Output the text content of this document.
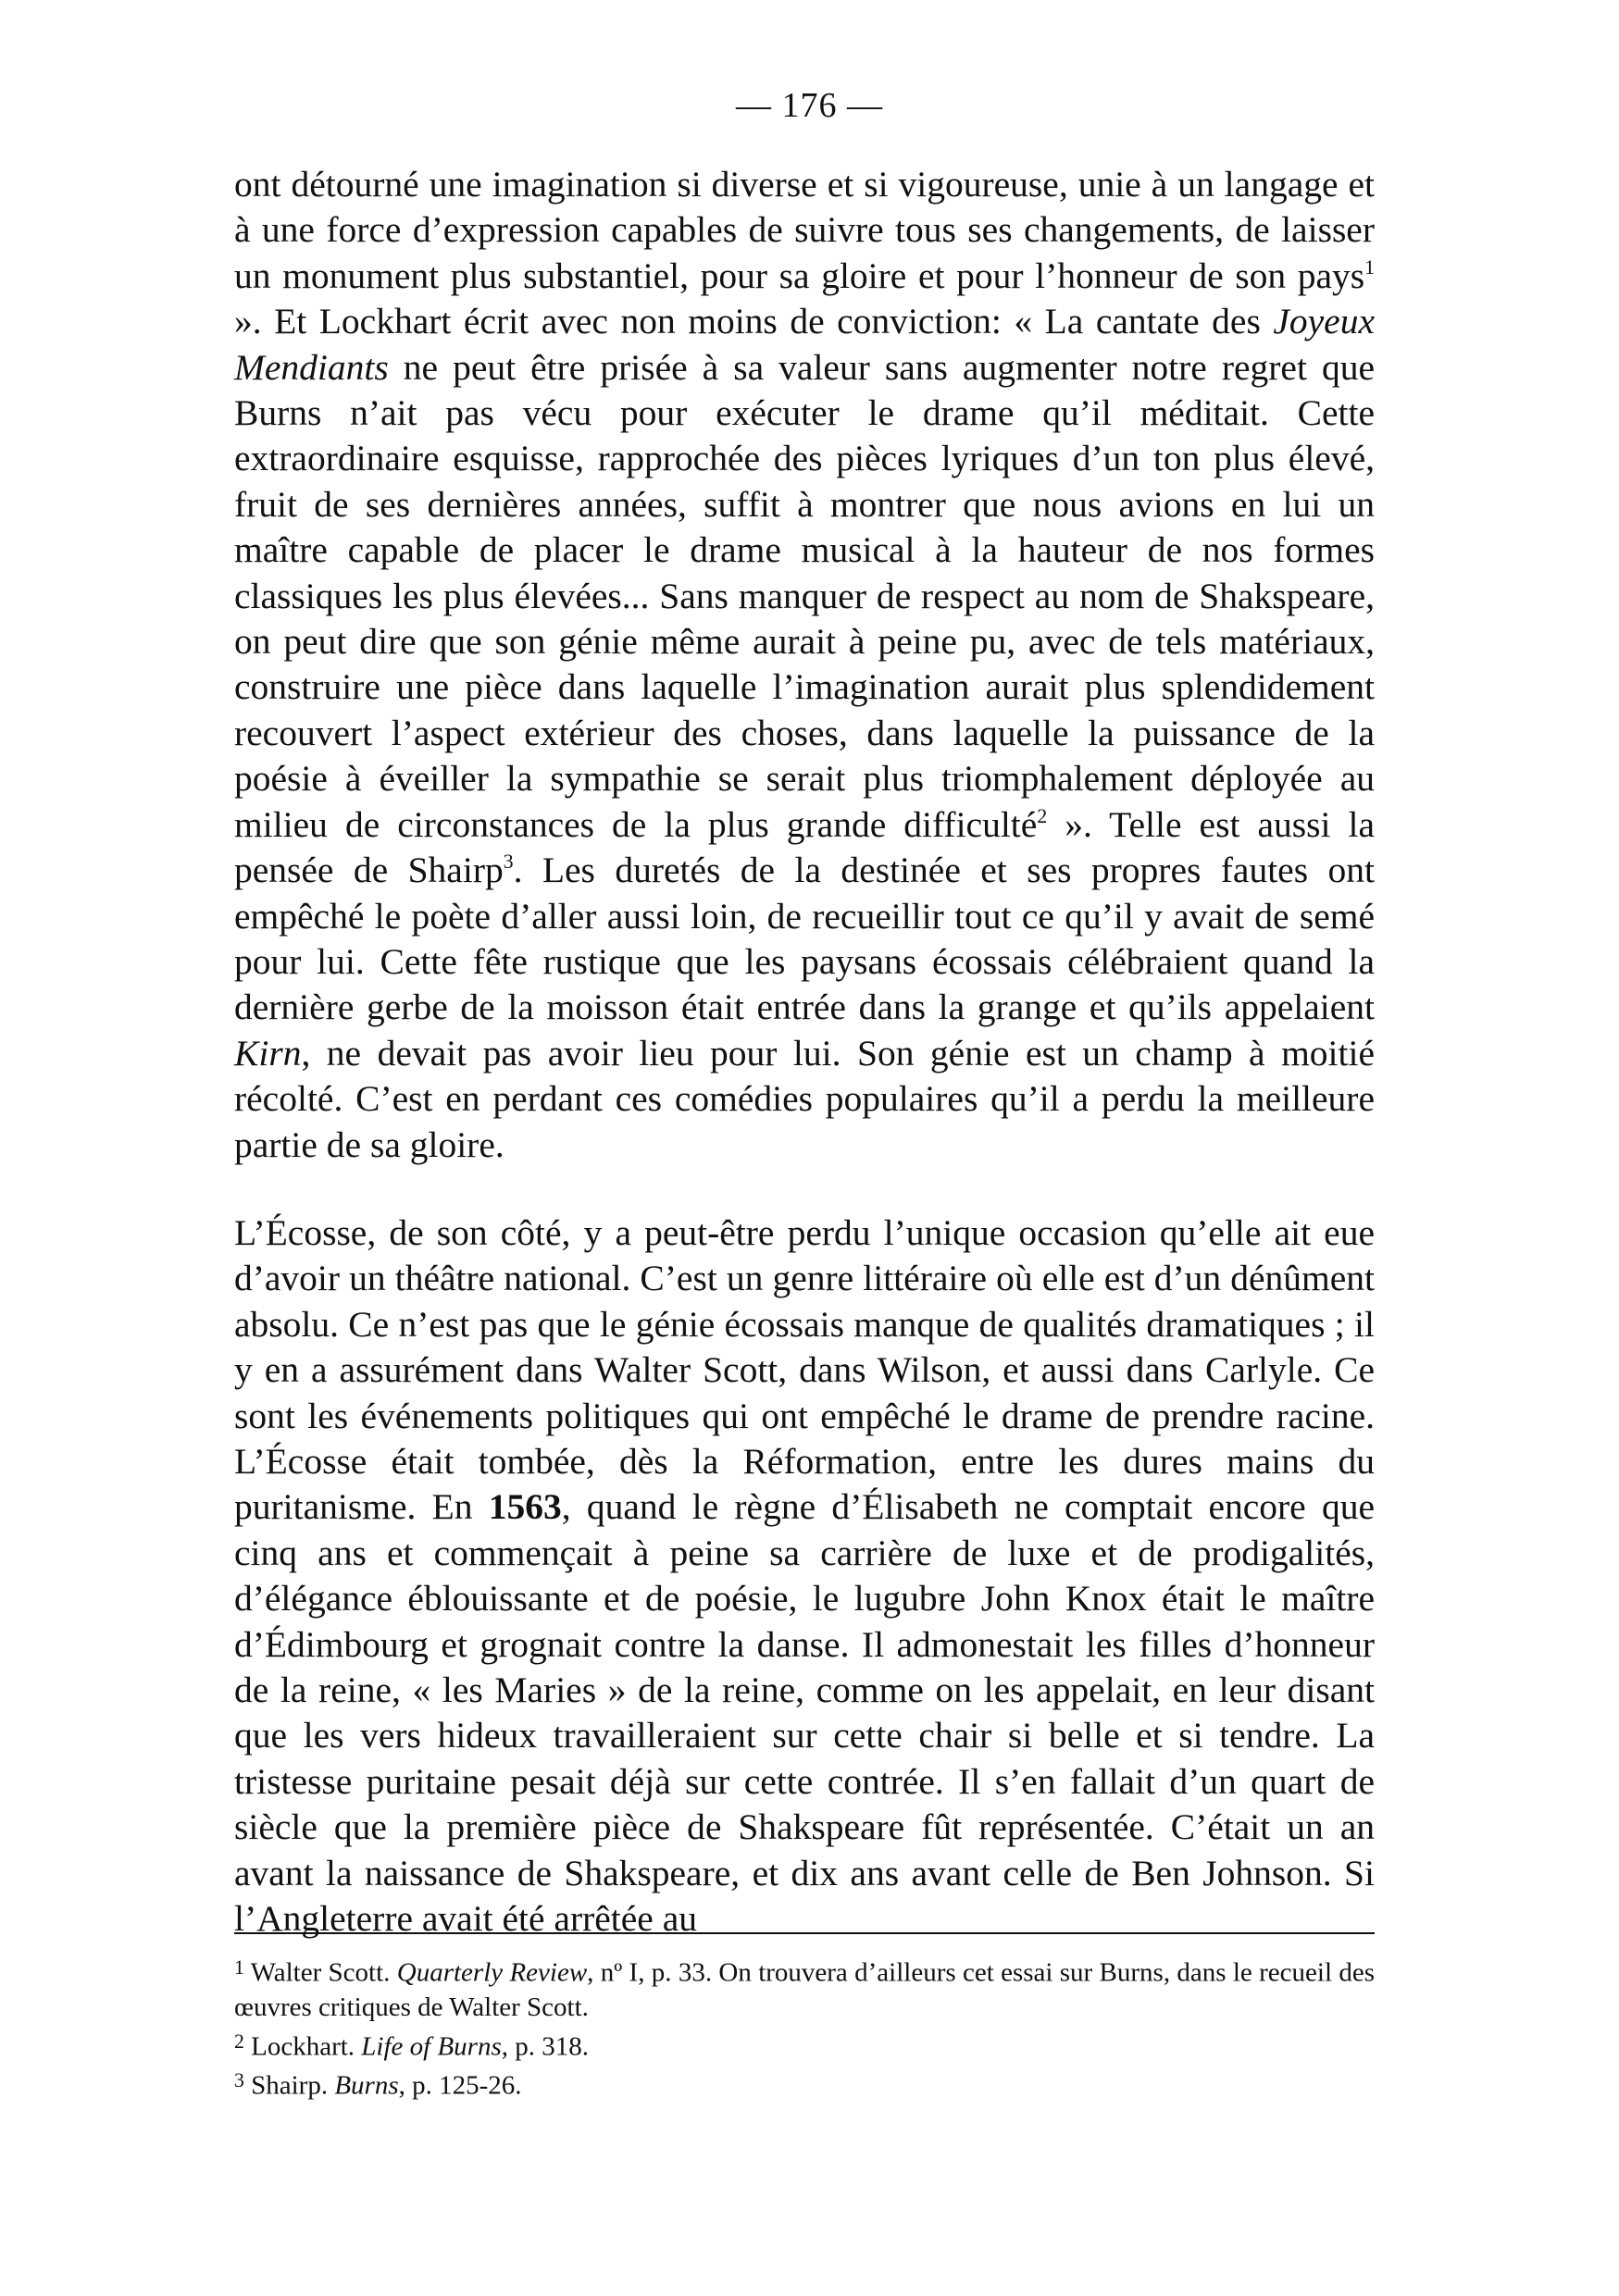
— 176 —

ont détourné une imagination si diverse et si vigoureuse, unie à un langage et à une force d’expression capables de suivre tous ses changements, de laisser un monument plus substantiel, pour sa gloire et pour l’honneur de son pays$^1$ ». Et Lockhart écrit avec non moins de conviction: « La cantate des Joyeux Mendiants ne peut être prisée à sa valeur sans augmenter notre regret que Burns n’ait pas vécu pour exécuter le drame qu’il méditait. Cette extraordinaire esquisse, rapprochée des pièces lyriques d’un ton plus élevé, fruit de ses dernières années, suffit à montrer que nous avions en lui un maître capable de placer le drame musical à la hauteur de nos formes classiques les plus élevées... Sans manquer de respect au nom de Shakspeare, on peut dire que son génie même aurait à peine pu, avec de tels matériaux, construire une pièce dans laquelle l’imagination aurait plus splendidement recouvert l’aspect extérieur des choses, dans laquelle la puissance de la poésie à éveiller la sympathie se serait plus triomphalement déployée au milieu de circonstances de la plus grande difficulté$^2$ ». Telle est aussi la pensée de Shairp$^3$. Les duretés de la destinée et ses propres fautes ont empêché le poète d’aller aussi loin, de recueillir tout ce qu’il y avait de semé pour lui. Cette fête rustique que les paysans écossais célébraient quand la dernière gerbe de la moisson était entrée dans la grange et qu’ils appelaient Kirn, ne devait pas avoir lieu pour lui. Son génie est un champ à moitié récolté. C’est en perdant ces comédies populaires qu’il a perdu la meilleure partie de sa gloire.

L’Écosse, de son côté, y a peut-être perdu l’unique occasion qu’elle ait eue d’avoir un théâtre national. C’est un genre littéraire où elle est d’un dénûment absolu. Ce n’est pas que le génie écossais manque de qualités dramatiques ; il y en a assurément dans Walter Scott, dans Wilson, et aussi dans Carlyle. Ce sont les événements politiques qui ont empêché le drame de prendre racine. L’Écosse était tombée, dès la Réformation, entre les dures mains du puritanisme. En 1563, quand le règne d’Élisabeth ne comptait encore que cinq ans et commençait à peine sa carrière de luxe et de prodigalités, d’élégance éblouissante et de poésie, le lugubre John Knox était le maître d’Édimbourg et grognait contre la danse. Il admonestait les filles d’honneur de la reine, « les Maries » de la reine, comme on les appelait, en leur disant que les vers hideux travailleraient sur cette chair si belle et si tendre. La tristesse puritaine pesait déjà sur cette contrée. Il s’en fallait d’un quart de siècle que la première pièce de Shakspeare fût représentée. C’était un an avant la naissance de Shakspeare, et dix ans avant celle de Ben Johnson. Si l’Angleterre avait été arrêtée au

$^1$ Walter Scott. Quarterly Review, nº I, p. 33. On trouvera d’ailleurs cet essai sur Burns, dans le recueil des œuvres critiques de Walter Scott.

$^2$ Lockhart. Life of Burns, p. 318.

$^3$ Shairp. Burns, p. 125-26.
